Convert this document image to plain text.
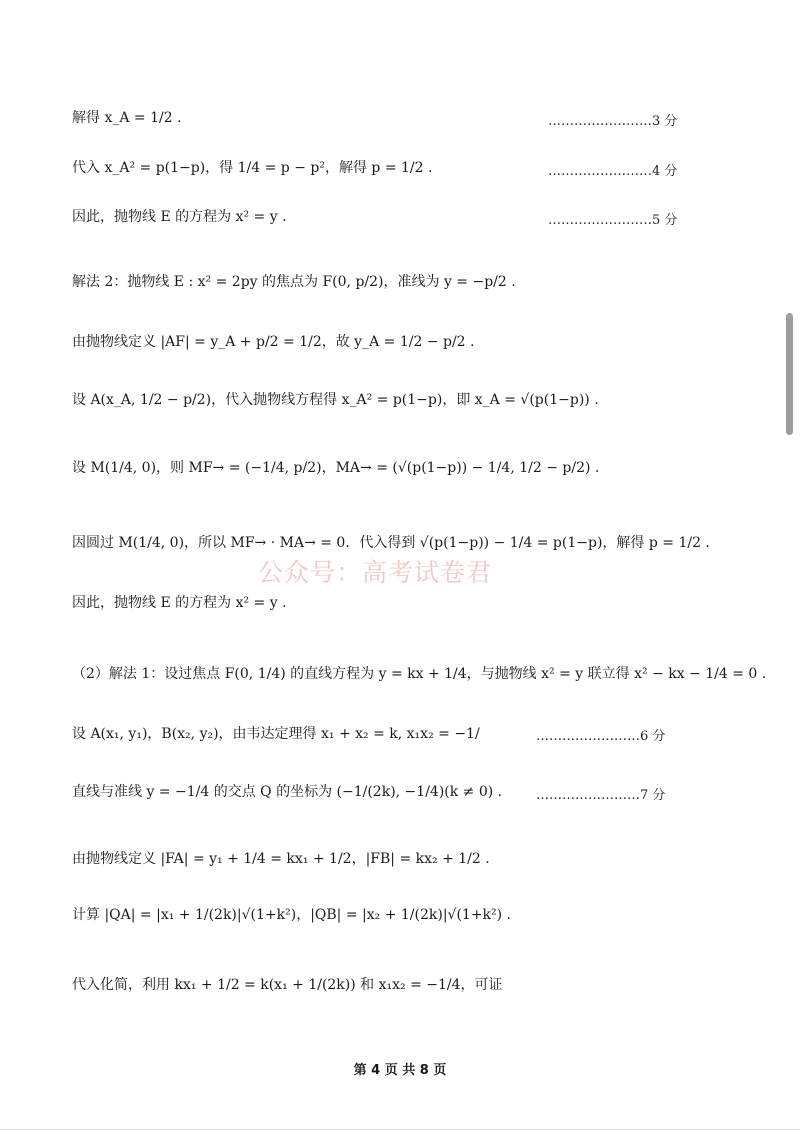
解得 x_A = 1/2 .
代入 x_A² = p(1−p)，得 1/4 = p − p²，解得 p = 1/2 .
因此，抛物线 E 的方程为 x² = y .
解法 2：抛物线 E : x² = 2py 的焦点为 F(0, p/2)，准线为 y = −p/2 .
由抛物线定义 |AF| = y_A + p/2 = 1/2，故 y_A = 1/2 − p/2 .
设 A(x_A, 1/2 − p/2)，代入抛物线方程得 x_A² = p(1−p)，即 x_A = √(p(1−p)) .
设 M(1/4, 0)，则 MF→ = (−1/4, p/2)，MA→ = (√(p(1−p)) − 1/4, 1/2 − p/2) .
因圆过 M(1/4, 0)，所以 MF→ · MA→ = 0．代入得到 √(p(1−p)) − 1/4 = p(1−p)，解得 p = 1/2 .
因此，抛物线 E 的方程为 x² = y .
（2）解法 1：设过焦点 F(0, 1/4) 的直线方程为 y = kx + 1/4，与抛物线 x² = y 联立得 x² − kx − 1/4 = 0 .
设 A(x₁, y₁)，B(x₂, y₂)，由韦达定理得 x₁ + x₂ = k, x₁x₂ = −1/
直线与准线 y = −1/4 的交点 Q 的坐标为 (−1/(2k), −1/4)(k ≠ 0) .
由抛物线定义 |FA| = y₁ + 1/4 = kx₁ + 1/2，|FB| = kx₂ + 1/2 .
计算 |QA| = |x₁ + 1/(2k)|√(1+k²)，|QB| = |x₂ + 1/(2k)|√(1+k²) .
代入化简，利用 kx₁ + 1/2 = k(x₁ + 1/(2k)) 和 x₁x₂ = −1/4，可证
……………………3 分
……………………4 分
……………………5 分
……………………6 分
……………………7 分
公众号：高考试卷君
第 4 页 共 8 页
